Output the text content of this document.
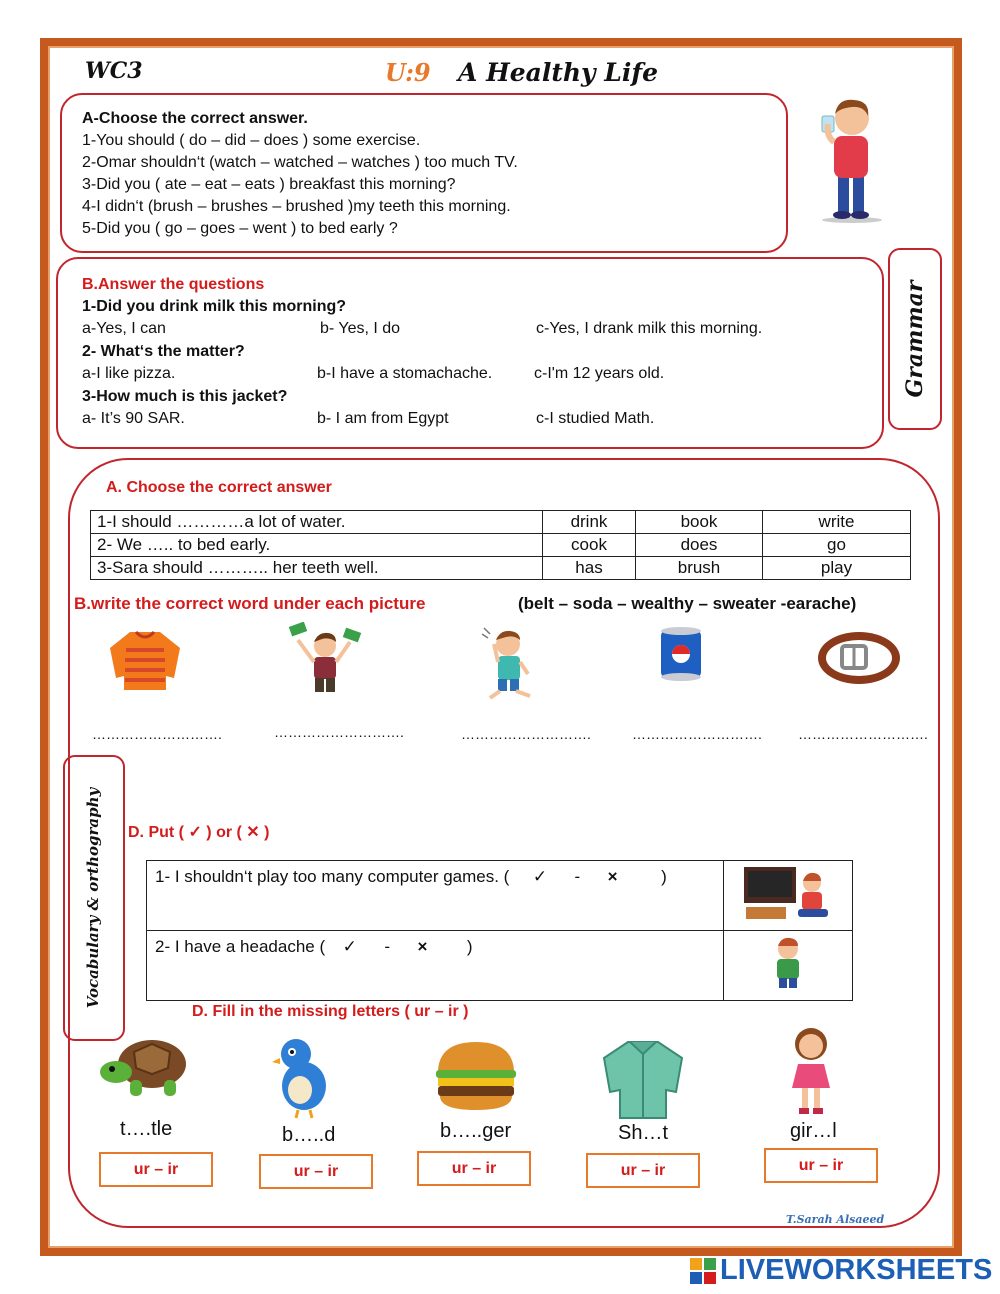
WC3	U:9 A Healthy Life
A-Choose the correct answer.
1-You should ( do – did – does ) some exercise.
2-Omar shouldn‘t (watch – watched – watches ) too much TV.
3-Did you ( ate – eat – eats ) breakfast this morning?
4-I didn‘t (brush – brushes – brushed )my teeth this morning.
5-Did you ( go – goes – went ) to bed early ?
B.Answer the questions
1-Did you drink milk this morning?
a-Yes, I can	b- Yes, I do	c-Yes, I drank milk this morning.
2- What‘s the matter?
a-I like pizza.	b-I have a stomachache.	c-I'm 12 years old.
3-How much is this jacket?
a- It’s 90 SAR.	b- I am from Egypt	c-I studied Math.
Grammar
A. Choose the correct answer
1-I should …………a lot of water.	drink	book	write
2- We ….. to bed early.	cook	does	go
3-Sara should ……….. her teeth well.	has	brush	play
B.write the correct word under each picture	(belt – soda – wealthy – sweater -earache)
……………………….	……………………….	……………………….	……………………….	……………………….
Vocabulary & orthography D. Put ( ✓ ) or ( ✕ )
1- I shouldn‘t play too many computer games. ( ✓ - × )	
2- I have a headache ( ✓ - × )	
D. Fill in the missing letters ( ur – ir )
t….tle	b…..d	b…..ger	Sh…t	gir…l
ur – ir	ur – ir	ur – ir	ur – ir	ur – ir
T.Sarah Alsaeed
LIVEWORKSHEETS
